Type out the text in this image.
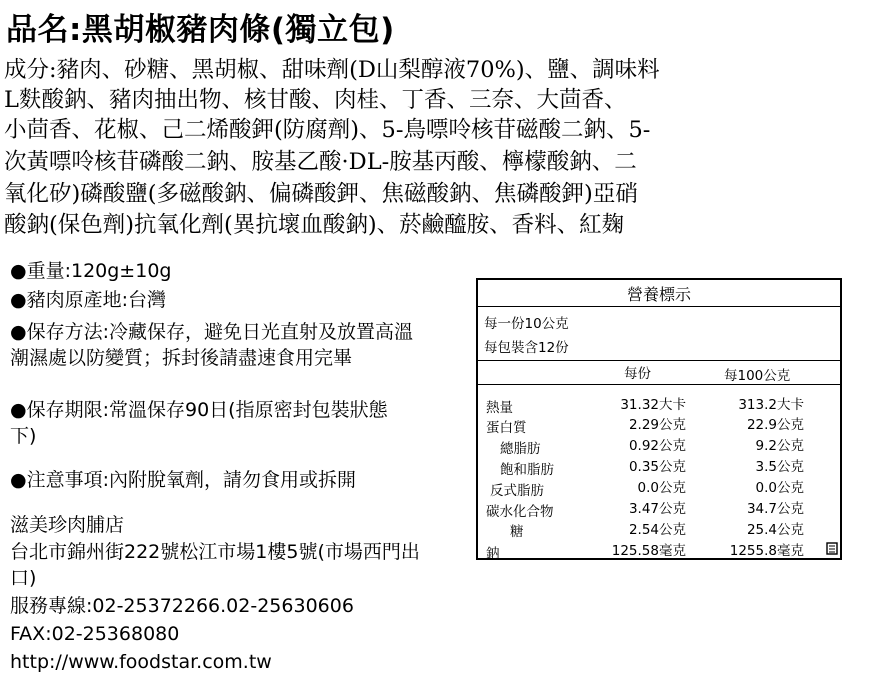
品名:黑胡椒豬肉條(獨立包)
成分:豬肉、砂糖、黑胡椒、甜味劑(D山梨醇液70%)、鹽、調味料
L麩酸鈉、豬肉抽出物、核甘酸、肉桂、丁香、三奈、大茴香、
小茴香、花椒、己二烯酸鉀(防腐劑)、5-鳥嘌呤核苷磁酸二鈉、5-
次黃嘌呤核苷磷酸二鈉、胺基乙酸·DL-胺基丙酸、檸檬酸鈉、二
氧化矽)磷酸鹽(多磁酸鈉、偏磷酸鉀、焦磁酸鈉、焦磷酸鉀)亞硝
酸鈉(保色劑)抗氧化劑(異抗壞血酸鈉)、菸鹼醯胺、香料、紅麹
●重量:120g±10g
●豬肉原產地:台灣
●保存方法:冷藏保存，避免日光直射及放置高溫
潮濕處以防變質；拆封後請盡速食用完畢
●保存期限:常溫保存90日(指原密封包裝狀態
下)
●注意事項:內附脫氧劑，請勿食用或拆開
滋美珍肉脯店
台北市錦州街222號松江市場1樓5號(市場西門出
口)
服務專線:02-25372266.02-25630606
FAX:02-25368080
http://www.foodstar.com.tw
營養標示
每一份10公克
每包裝含12份
每份	每100公克
熱量	31.32大卡	313.2大卡
蛋白質	2.29公克	22.9公克
總脂肪	0.92公克	9.2公克
飽和脂肪	0.35公克	3.5公克
反式脂肪	0.0公克	0.0公克
碳水化合物	3.47公克	34.7公克
糖	2.54公克	25.4公克
鈉	125.58毫克	1255.8毫克
